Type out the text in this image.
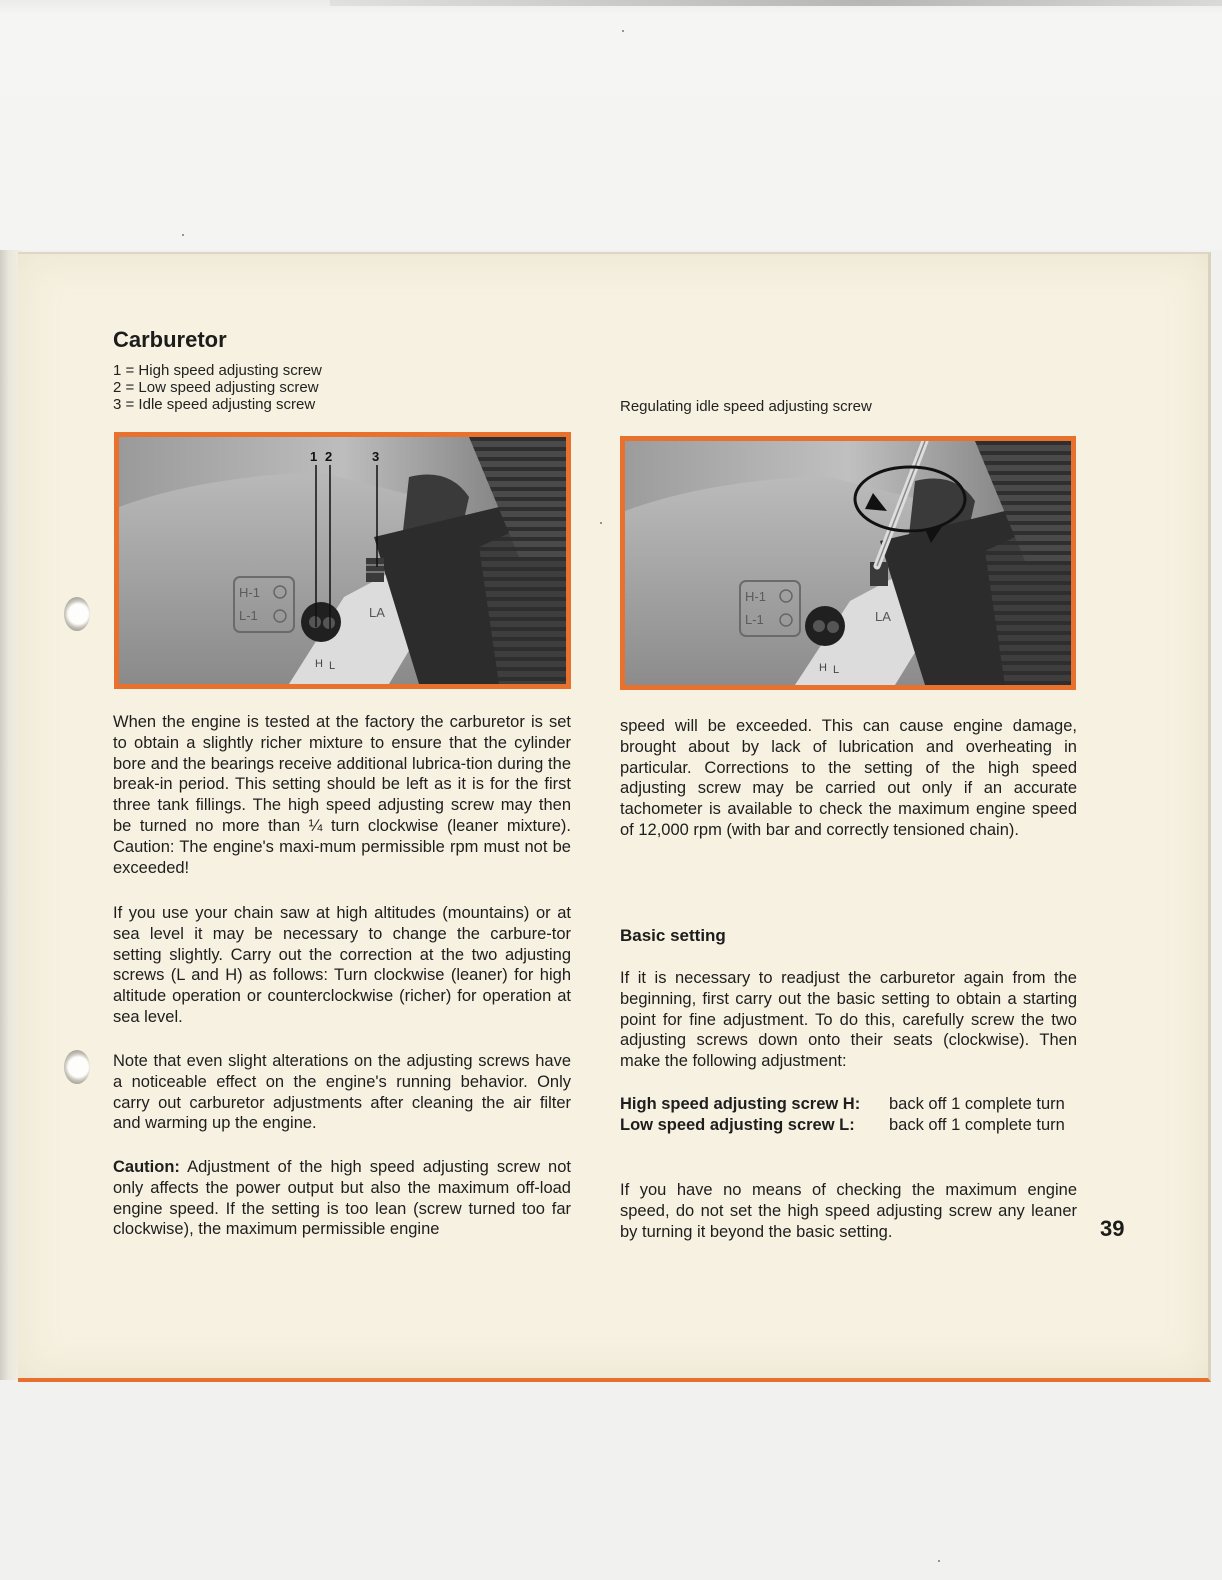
Carburetor
1 = High speed adjusting screw
2 = Low speed adjusting screw
3 = Idle speed adjusting screw	Regulating idle speed adjusting screw
H-1
L-1	LA
H L
1 2	3
H-1
L-1	LA
H L

When the engine is tested at the factory the carburetor is set to obtain a slightly richer mixture to ensure that the cylinder bore and the bearings receive additional lubrica-tion during the break-in period. This setting should be left as it is for the first three tank fillings. The high speed adjusting screw may then be turned no more than ¼ turn clockwise (leaner mixture). Caution: The engine's maxi-mum permissible rpm must not be exceeded!

If you use your chain saw at high altitudes (mountains) or at sea level it may be necessary to change the carbure-tor setting slightly. Carry out the correction at the two adjusting screws (L and H) as follows: Turn clockwise (leaner) for high altitude operation or counterclockwise (richer) for operation at sea level.

Note that even slight alterations on the adjusting screws have a noticeable effect on the engine's running behavior. Only carry out carburetor adjustments after cleaning the air filter and warming up the engine.

Caution: Adjustment of the high speed adjusting screw not only affects the power output but also the maximum off-load engine speed. If the setting is too lean (screw turned too far clockwise), the maximum permissible engine

speed will be exceeded. This can cause engine damage, brought about by lack of lubrication and overheating in particular. Corrections to the setting of the high speed adjusting screw may be carried out only if an accurate tachometer is available to check the maximum engine speed of 12,000 rpm (with bar and correctly tensioned chain).

Basic setting

If it is necessary to readjust the carburetor again from the beginning, first carry out the basic setting to obtain a starting point for fine adjustment. To do this, carefully screw the two adjusting screws down onto their seats (clockwise). Then make the following adjustment:

High speed adjusting screw H: back off 1 complete turn
Low speed adjusting screw L: back off 1 complete turn

If you have no means of checking the maximum engine speed, do not set the high speed adjusting screw any leaner by turning it beyond the basic setting.	39
